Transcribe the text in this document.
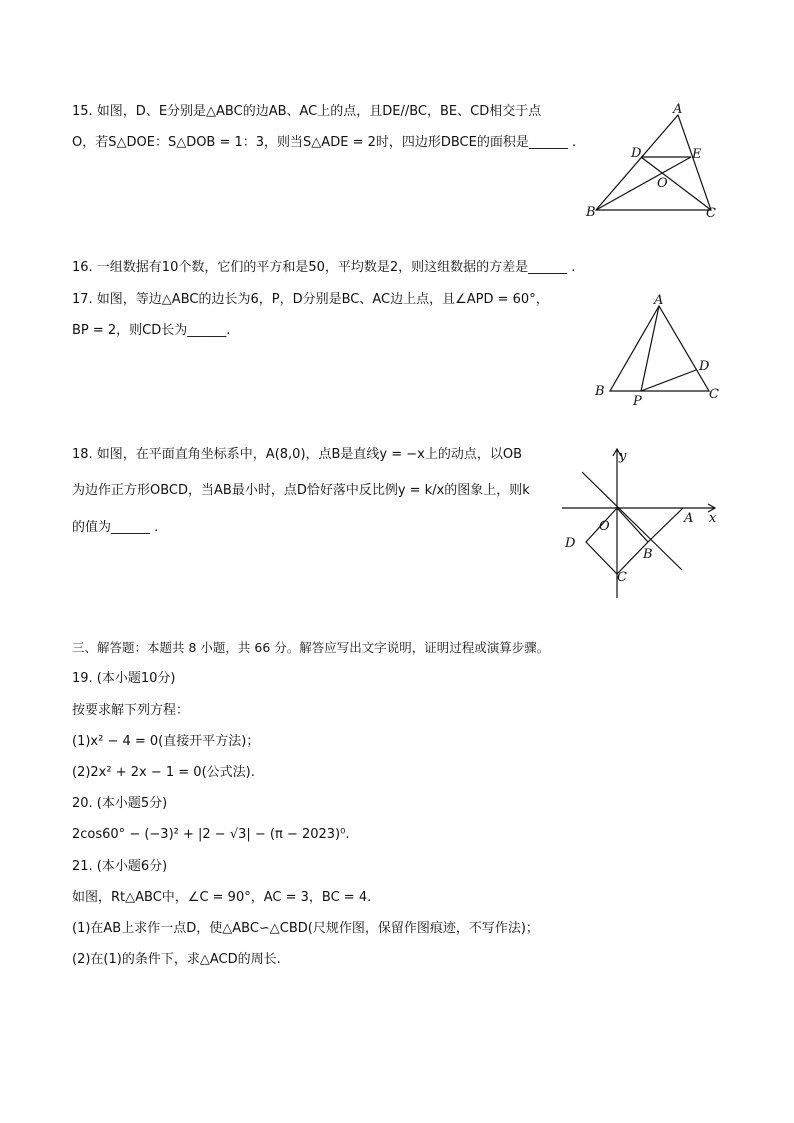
15. 如图，D、E分别是△ABC的边AB、AC上的点，且DE//BC，BE、CD相交于点
O，若S△DOE：S△DOB = 1：3，则当S△ADE = 2时，四边形DBCE的面积是______ .
A
B	C
D	E
O
16. 一组数据有10个数，它们的平方和是50，平均数是2，则这组数据的方差是______ .
17. 如图，等边△ABC的边长为6，P，D分别是BC、AC边上点，且∠APD = 60°，
BP = 2，则CD长为______.
A
B	C
D
P
18. 如图，在平面直角坐标系中，A(8,0)，点B是直线y = −x上的动点，以OB
为边作正方形OBCD，当AB最小时，点D恰好落中反比例y = k/x的图象上，则k
的值为______ .
y
x
O
A
B
C
D
三、解答题：本题共 8 小题，共 66 分。解答应写出文字说明，证明过程或演算步骤。
19. (本小题10分)
按要求解下列方程：
(1)x² − 4 = 0(直接开平方法)；
(2)2x² + 2x − 1 = 0(公式法).
20. (本小题5分)
2cos60° − (−3)² + |2 − √3| − (π − 2023)⁰.
21. (本小题6分)
如图，Rt△ABC中，∠C = 90°，AC = 3，BC = 4.
(1)在AB上求作一点D，使△ABC∽△CBD(尺规作图，保留作图痕迹，不写作法)；
(2)在(1)的条件下，求△ACD的周长.
